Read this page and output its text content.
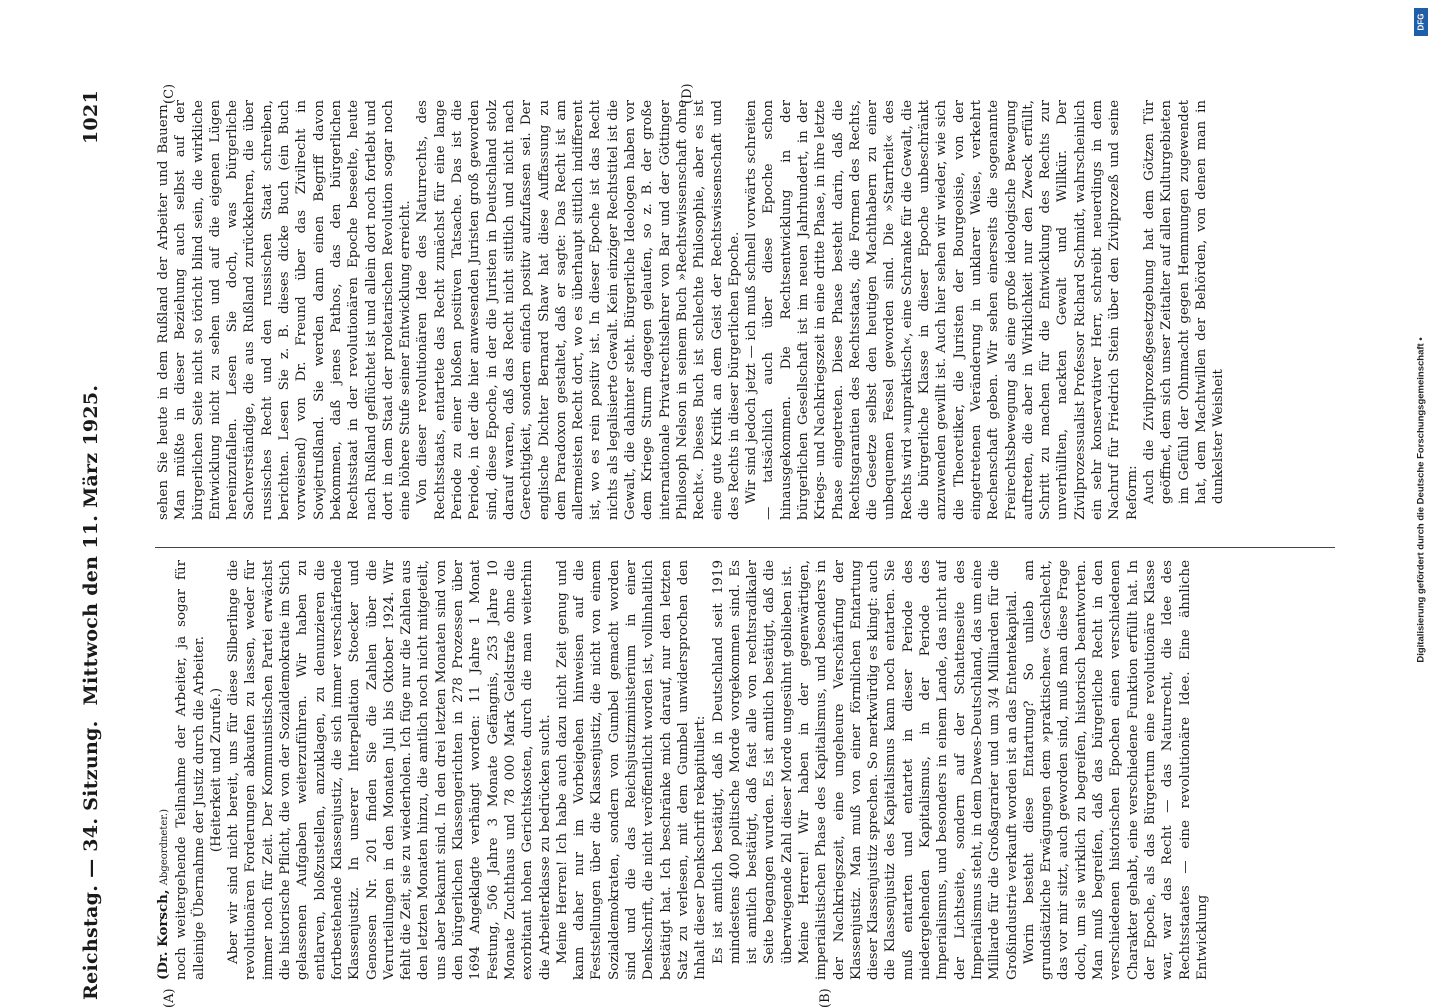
Reichstag. — 34. Sitzung.
Mittwoch den 11. März 1925.
1021
(A)	(B)
(C)	(D)

(Dr. Korsch, Abgeordneter.) noch weitergehende Teilnahme der Arbeiter, ja sogar für alleinige Übernahme der Justiz durch die Arbeiter. (Heiterkeit und Zurufe.) Aber wir sind nicht bereit, uns für diese Silberlinge die revolutionären Forderungen abkaufen zu lassen, weder für immer noch für Zeit. Der Kommunistischen Partei erwächst die historische Pflicht, die von der Sozialdemokratie im Stich gelassenen Aufgaben weiterzuführen. Wir haben zu entlarven, bloßzustellen, anzuklagen, zu denunzieren die fortbestehende Klassenjustiz, die sich immer verschärfende Klassenjustiz. In unserer Interpellation Stoecker und Genossen Nr. 201 finden Sie die Zahlen über die Verurteilungen in den Monaten Juli bis Oktober 1924. Wir fehlt die Zeit, sie zu wiederholen. Ich füge nur die Zahlen aus den letzten Monaten hinzu, die amtlich noch nicht mitgeteilt, uns aber bekannt sind. In den drei letzten Monaten sind von den bürgerlichen Klassengerichten in 278 Prozessen über 1694 Angeklagte verhängt worden: 11 Jahre 1 Monat Festung, 506 Jahre 3 Monate Gefängnis, 253 Jahre 10 Monate Zuchthaus und 78 000 Mark Geldstrafe ohne die exorbitant hohen Gerichtskosten, durch die man weiterhin die Arbeiterklasse zu bedrücken sucht. Meine Herren! Ich habe auch dazu nicht Zeit genug und kann daher nur im Vorbeigehen hinweisen auf die Feststellungen über die Klassenjustiz, die nicht von einem Sozialdemokraten, sondern von Gumbel gemacht worden sind und die das Reichsjustizministerium in einer Denkschrift, die nicht veröffentlicht worden ist, vollinhaltlich bestätigt hat. Ich beschränke mich darauf, nur den letzten Satz zu verlesen, mit dem Gumbel unwidersprochen den Inhalt dieser Denkschrift rekapituliert: Es ist amtlich bestätigt, daß in Deutschland seit 1919 mindestens 400 politische Morde vorgekommen sind. Es ist amtlich bestätigt, daß fast alle von rechtsradikaler Seite begangen wurden. Es ist amtlich bestätigt, daß die überwiegende Zahl dieser Morde ungesühnt geblieben ist. Meine Herren! Wir haben in der gegenwärtigen, imperialistischen Phase des Kapitalismus, und besonders in der Nachkriegszeit, eine ungeheure Verschärfung der Klassenjustiz. Man muß von einer förmlichen Entartung dieser Klassenjustiz sprechen. So merkwürdig es klingt: auch die Klassenjustiz des Kapitalismus kann noch entarten. Sie muß entarten und entartet in dieser Periode des niedergehenden Kapitalismus, in der Periode des Imperialismus, und besonders in einem Lande, das nicht auf der Lichtseite, sondern auf der Schattenseite des Imperialismus steht, in dem Dawes-Deutschland, das um eine Milliarde für die Großagrarier und um 3/4 Milliarden für die Großindustrie verkauft worden ist an das Ententekapital. Worin besteht diese Entartung? So unlieb am grundsätzliche Erwägungen dem »praktischen« Geschlecht, das vor mir sitzt, auch geworden sind, muß man diese Frage doch, um sie wirklich zu begreifen, historisch beantworten. Man muß begreifen, daß das bürgerliche Recht in den verschiedenen historischen Epochen einen verschiedenen Charakter gehabt, eine verschiedene Funktion erfüllt hat. In der Epoche, als das Bürgertum eine revolutionäre Klasse war, war das Recht — das Naturrecht, die Idee des Rechtsstaates — eine revolutionäre Idee. Eine ähnliche Entwicklung

sehen Sie heute in dem Rußland der Arbeiter und Bauern. Man müßte in dieser Beziehung auch selbst auf der bürgerlichen Seite nicht so töricht blind sein, die wirkliche Entwicklung nicht zu sehen und auf die eigenen Lügen hereinzufallen. Lesen Sie doch, was bürgerliche Sachverständige, die aus Rußland zurückkehren, die über russisches Recht und den russischen Staat schreiben, berichten. Lesen Sie z. B. dieses dicke Buch (ein Buch vorweisend) von Dr. Freund über das Zivilrecht in Sowjetrußland. Sie werden dann einen Begriff davon bekommen, daß jenes Pathos, das den bürgerlichen Rechtsstaat in der revolutionären Epoche beseelte, heute nach Rußland geflüchtet ist und allein dort noch fortlebt und dort in dem Staat der proletarischen Revolution sogar noch eine höhere Stufe seiner Entwicklung erreicht. Von dieser revolutionären Idee des Naturrechts, des Rechtsstaats, entartete das Recht zunächst für eine lange Periode zu einer bloßen positiven Tatsache. Das ist die Periode, in der die hier anwesenden Juristen groß geworden sind, diese Epoche, in der die Juristen in Deutschland stolz darauf waren, daß das Recht nicht sittlich und nicht nach Gerechtigkeit, sondern einfach positiv aufzufassen sei. Der englische Dichter Bernard Shaw hat diese Auffassung zu dem Paradoxon gestaltet, daß er sagte: Das Recht ist am allermeisten Recht dort, wo es überhaupt sittlich indifferent ist, wo es rein positiv ist. In dieser Epoche ist das Recht nichts als legalisierte Gewalt. Kein einziger Rechtstitel ist die Gewalt, die dahinter steht. Bürgerliche Ideologen haben vor dem Kriege Sturm dagegen gelaufen, so z. B. der große internationale Privatrechtslehrer von Bar und der Göttinger Philosoph Nelson in seinem Buch »Rechtswissenschaft ohne Recht«. Dieses Buch ist schlechte Philosophie, aber es ist eine gute Kritik an dem Geist der Rechtswissenschaft und des Rechts in dieser bürgerlichen Epoche. Wir sind jedoch jetzt — ich muß schnell vorwärts schreiten — tatsächlich auch über diese Epoche schon hinausgekommen. Die Rechtsentwicklung in der bürgerlichen Gesellschaft ist im neuen Jahrhundert, in der Kriegs- und Nachkriegszeit in eine dritte Phase, in ihre letzte Phase eingetreten. Diese Phase besteht darin, daß die Rechtsgarantien des Rechtsstaats, die Formen des Rechts, die Gesetze selbst den heutigen Machthabern zu einer unbequemen Fessel geworden sind. Die »Starrheit« des Rechts wird »unpraktisch«, eine Schranke für die Gewalt, die die bürgerliche Klasse in dieser Epoche unbeschränkt anzuwenden gewillt ist. Auch hier sehen wir wieder, wie sich die Theoretiker, die Juristen der Bourgeoisie, von der eingetretenen Veränderung in unklarer Weise, verkehrt Rechenschaft geben. Wir sehen einerseits die sogenannte Freirechtsbewegung als eine große ideologische Bewegung auftreten, die aber in Wirklichkeit nur den Zweck erfüllt, Schritt zu machen für die Entwicklung des Rechts zur unverhüllten, nackten Gewalt und Willkür. Der Zivilprozessualist Professor Richard Schmidt, wahrscheinlich ein sehr konservativer Herr, schreibt neuerdings in dem Nachruf für Friedrich Stein über den Zivilprozeß und seine Reform: Auch die Zivilprozeßgesetzgebung hat dem Götzen Tür geöffnet, dem sich unser Zeitalter auf allen Kulturgebieten im Gefühl der Ohnmacht gegen Hemmungen zugewendet hat, dem Machtwillen der Behörden, von denen man in dunkelster Weisheit

DFG
Digitalisierung gefördert durch die Deutsche Forschungsgemeinschaft •
